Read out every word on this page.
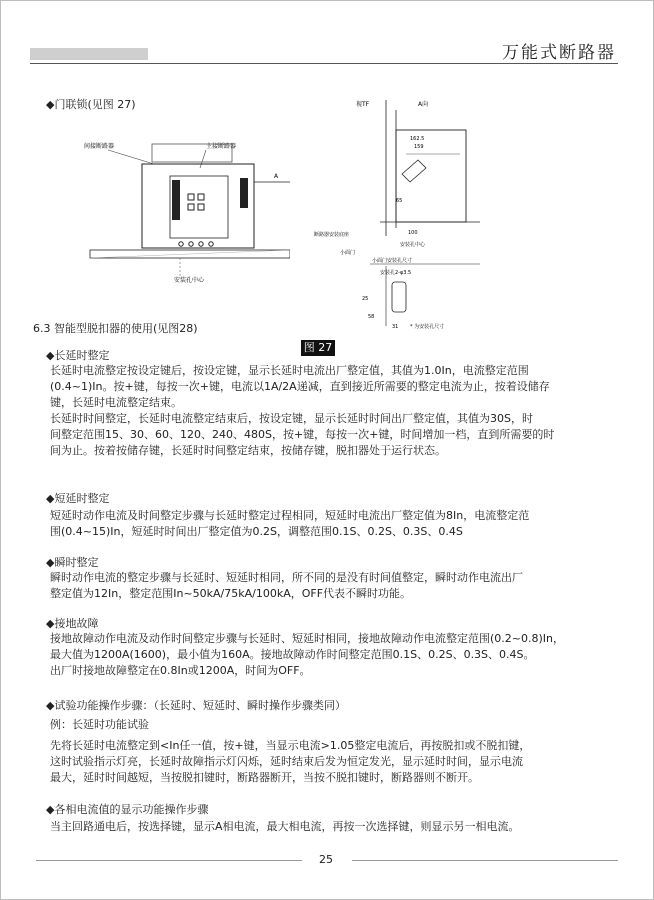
万能式断路器
◆门联锁(见图 27)
间接断路器	主接断路器
A
安装孔中心
视TF	A向
162.5
159
65
100
断路器安装底座
安装孔中心
小面门
小面门安装孔尺寸
安装孔2-φ3.5
25
31
58
* 为安装孔尺寸
6.3 智能型脱扣器的使用(见图28)
图 27
◆长延时整定
长延时电流整定按设定键后，按设定键，显示长延时电流出厂整定值，其值为1.0In，电流整定范围
(0.4~1)In。按+键，每按一次+键，电流以1A/2A递减，直到接近所需要的整定电流为止，按着设储存
键，长延时电流整定结束。
长延时时间整定，长延时电流整定结束后，按设定键，显示长延时时间出厂整定值，其值为30S，时
间整定范围15、30、60、120、240、480S，按+键，每按一次+键，时间增加一档，直到所需要的时
间为止。按着按储存键，长延时时间整定结束，按储存键，脱扣器处于运行状态。
◆短延时整定
短延时动作电流及时间整定步骤与长延时整定过程相同，短延时电流出厂整定值为8In，电流整定范
围(0.4~15)In，短延时时间出厂整定值为0.2S，调整范围0.1S、0.2S、0.3S、0.4S
◆瞬时整定
瞬时动作电流的整定步骤与长延时、短延时相同，所不同的是没有时间值整定，瞬时动作电流出厂
整定值为12In，整定范围In~50kA/75kA/100kA，OFF代表不瞬时功能。
◆接地故障
接地故障动作电流及动作时间整定步骤与长延时、短延时相同，接地故障动作电流整定范围(0.2~0.8)In，
最大值为1200A(1600)，最小值为160A。接地故障动作时间整定范围0.1S、0.2S、0.3S、0.4S。
出厂时接地故障整定在0.8In或1200A，时间为OFF。
◆试验功能操作步骤：（长延时、短延时、瞬时操作步骤类同）
例：长延时功能试验
先将长延时电流整定到<In任一值，按+键，当显示电流>1.05整定电流后，再按脱扣或不脱扣键，
这时试验指示灯亮，长延时故障指示灯闪烁，延时结束后发为恒定发光，显示延时时间，显示电流
最大，延时时间越短，当按脱扣键时，断路器断开，当按不脱扣键时，断路器则不断开。
◆各相电流值的显示功能操作步骤
当主回路通电后，按选择键，显示A相电流，最大相电流，再按一次选择键，则显示另一相电流。
25
